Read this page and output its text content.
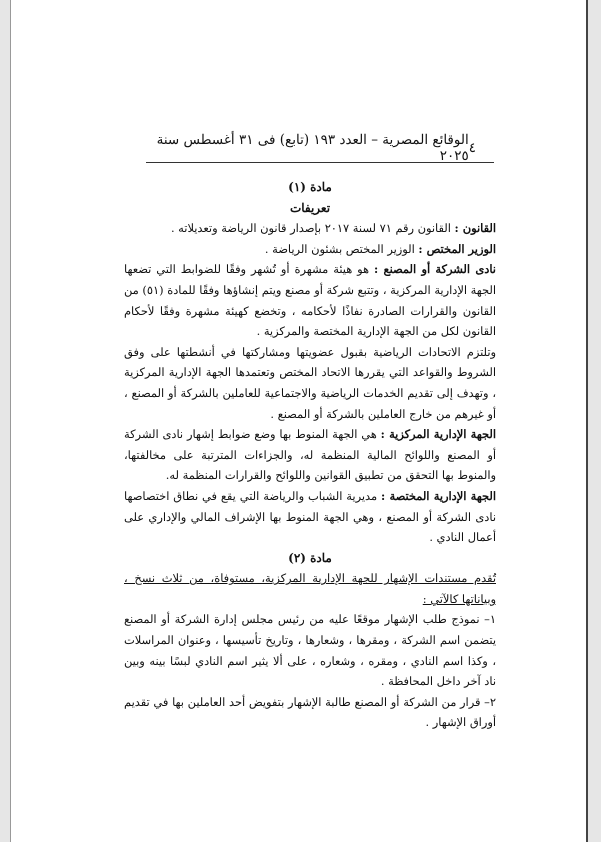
٤
الوقائع المصرية – العدد ١٩٣ (تابع) فى ٣١ أغسطس سنة ٢٠٢٥

مادة (١)

تعريفات

القانون : القانون رقم ٧١ لسنة ٢٠١٧ بإصدار قانون الرياضة وتعديلاته .

الوزير المختص : الوزير المختص بشئون الرياضة .

نادى الشركة أو المصنع : هو هيئة مشهرة أو تُشهر وفقًا للضوابط التي تضعها الجهة الإدارية المركزية ، وتتبع شركة أو مصنع ويتم إنشاؤها وفقًا للمادة (٥١) من القانون والقرارات الصادرة نفاذًا لأحكامه ، وتخضع كهيئة مشهرة وفقًا لأحكام القانون لكل من الجهة الإدارية المختصة والمركزية .

وتلتزم الاتحادات الرياضية بقبول عضويتها ومشاركتها في أنشطتها على وفق الشروط والقواعد التي يقررها الاتحاد المختص وتعتمدها الجهة الإدارية المركزية ، وتهدف إلى تقديم الخدمات الرياضية والاجتماعية للعاملين بالشركة أو المصنع ، أو غيرهم من خارج العاملين بالشركة أو المصنع .

الجهة الإدارية المركزية : هي الجهة المنوط بها وضع ضوابط إشهار نادى الشركة أو المصنع واللوائح المالية المنظمة له، والجزاءات المترتبة على مخالفتها، والمنوط بها التحقق من تطبيق القوانين واللوائح والقرارات المنظمة له.

الجهة الإدارية المختصة : مديرية الشباب والرياضة التي يقع في نطاق اختصاصها نادى الشركة أو المصنع ، وهي الجهة المنوط بها الإشراف المالي والإداري على أعمال النادي .

مادة (٢)

تُقدم مستندات الإشهار للجهة الإدارية المركزية، مستوفاة، من ثلاث نسخ ، وبياناتها كالآتي :

١– نموذج طلب الإشهار موقعًا عليه من رئيس مجلس إدارة الشركة أو المصنع يتضمن اسم الشركة ، ومقرها ، وشعارها ، وتاريخ تأسيسها ، وعنوان المراسلات ، وكذا اسم النادي ، ومقره ، وشعاره ، على ألا يثير اسم النادي لبسًا بينه وبين ناد آخر داخل المحافظة .

٢– قرار من الشركة أو المصنع طالبة الإشهار بتفويض أحد العاملين بها في تقديم أوراق الإشهار .
